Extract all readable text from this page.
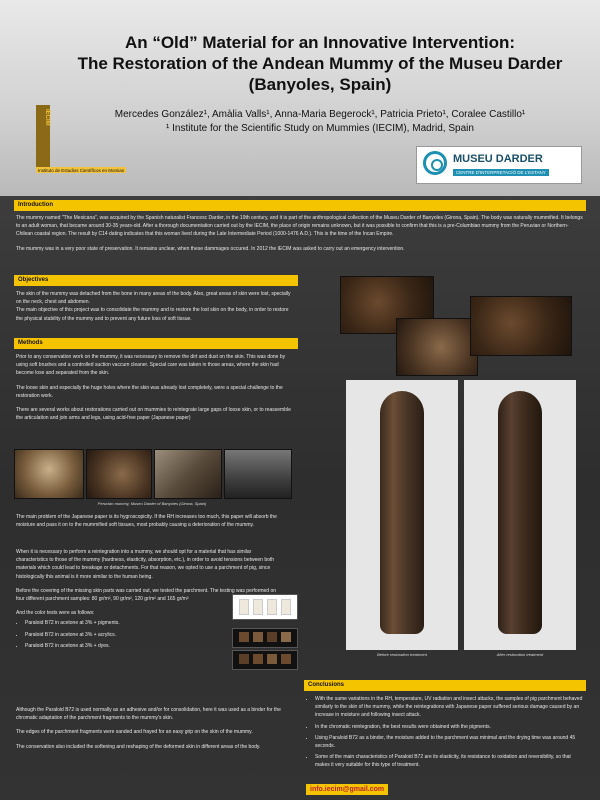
An “Old” Material for an Innovative Intervention:
The Restoration of the Andean Mummy of the Museu Darder
(Banyoles, Spain)
Mercedes González¹, Amàlia Valls¹, Anna-Maria Begerock¹, Patricia Prieto¹, Coralee Castillo¹
¹ Institute for the Scientific Study on Mummies (IECIM), Madrid, Spain
IECIM
Instituto de Estudios Científicos en Momias
MUSEU DARDER
CENTRE D'INTERPRETACIÓ DE L'ESTANY
Introduction

The mummy named "The Mexicana", was acquired by the Spanish naturalist Francesc Darder, in the 19th century, and it is part of the anthropological collection of the Museu Darder of Banyoles (Girona, Spain). The body was naturally mummified. It belongs to an adult woman, that became around 30-35 years-old. After a thorough documentation carried out by the IECIM, the place of origin remains unknown, but it was possible to confirm that this is a pre-Columbian mummy from the Peruvian or Northern-Chilean coastal region. The result by C14 dating indicates that this woman lived during the Late Intermediate Period (1000-1476 A.D.). This is the time of the Incan Empire.

The mummy was in a very poor state of preservation. It remains unclear, when these dammages occured. In 2012 the IECIM was asked to carry out an emergency intervention.

Objectives

The skin of the mummy was detached from the bone in many areas of the body. Also, great areas of skin were lost, specially on the neck, chest and abdomen.

The main objective of this project was to consolidate the mummy and to restore the lost skin on the body, in order to restore the physical stability of the mummy and to prevent any future loss of soft tissue.

Methods

Prior to any conservation work on the mummy, it was necessary to remove the dirt and dust on the skin. This was done by using soft brushes and a controlled suction vaccum cleaner. Special care was taken in those areas, where the skin had become lose and separated from the skin.

The loose skin and especially the huge holes where the skin was already lost completely, were a special challenge to the restoration work.

There are several works about restorations carried out on mummies to reintegrate large gaps of loose skin, or to reassemble the articulation and join arms and legs, using acid-free paper (Japanese paper)

Peruvian mummy, Museu Darder of Banyoles (Girona, Spain)

The main problem of the Japanese paper is its hygroscopicity. If the RH increases too much, this paper will absorb the moisture and pass it on to the mummified soft tissues, most probably causing a deterioration of the mummy.

When it is necessary to perform a reintegration into a mummy, we should opt for a material that has similar characteristics to those of the mummy (hardness, elasticity, absorption, etc.), in order to avoid tensions between both materials which could lead to breakage or detachments. For that reason, we opted to use a parchment of pig, since histologically this animal is it more similar to the human being.

Before the covering of the missing skin parts was carried out, we tested the parchment. The testing was performed on four different parchment samples: 80 gr/m², 90 gr/m², 120 gr/m² and 165 gr/m²

And the color tests were as follows:

• Paraloid B72 in acetone at 3% + pigments.
• Paraloid B72 in acetone at 3% + acrylics.
• Paraloid B72 in acetone at 3% + dyes.

Although the Paraloid B72 is used normally as an adhesive and/or for consolidation, here it was used as a binder for the chromatic adaptation of the parchment fragments to the mummy's skin.

The edges of the parchment fragments were sanded and frayed for an easy grip on the skin of the mummy.

The conservation also included the softening and reshaping of the deformed skin in different areas of the body.

Before restoration treatment	After restoration treatment
Conclusions
• With the same variations in the RH, temperature, UV radiation and insect attacks, the samples of pig parchment behaved similarly to the skin of the mummy, while the reintegrations with Japanese paper suffered serious damage caused by an increase in moisture and following insect attack.
• In the chromatic reintegration, the best results were obtained with the pigments.
• Using Paraloid B72 as a binder, the moisture added to the parchment was minimal and the drying time was around 45 seconds.
• Some of the main characteristics of Paraloid B72 are its elasticity, its resistance to oxidation and reversibility, so that makes it very suitable for this type of treatment.
info.iecim@gmail.com
